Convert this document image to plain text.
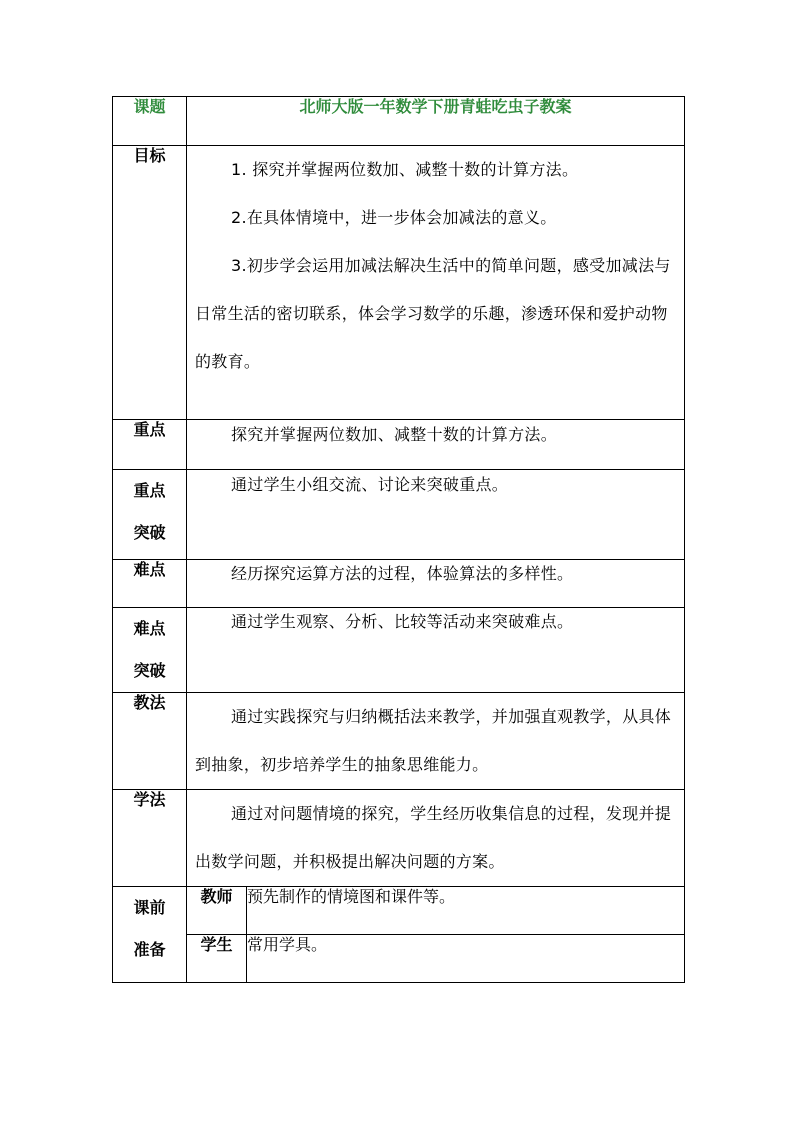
课题	北师大版一年数学下册青蛙吃虫子教案	
目标	1. 探究并掌握两位数加、减整十数的计算方法。

2.在具体情境中，进一步体会加减法的意义。

3.初步学会运用加减法解决生活中的简单问题，感受加减法与日常生活的密切联系，体会学习数学的乐趣，渗透环保和爱护动物的教育。	

重点	探究并掌握两位数加、减整十数的计算方法。	

重点
突破	通过学生小组交流、讨论来突破重点。	

难点	经历探究运算方法的过程，体验算法的多样性。	

难点
突破	通过学生观察、分析、比较等活动来突破难点。	

教法	通过实践探究与归纳概括法来教学，并加强直观教学，从具体到抽象，初步培养学生的抽象思维能力。	

学法	通过对问题情境的探究，学生经历收集信息的过程，发现并提出数学问题，并积极提出解决问题的方案。	

课前
准备	教师	预先制作的情境图和课件等。
	学生	常用学具。
